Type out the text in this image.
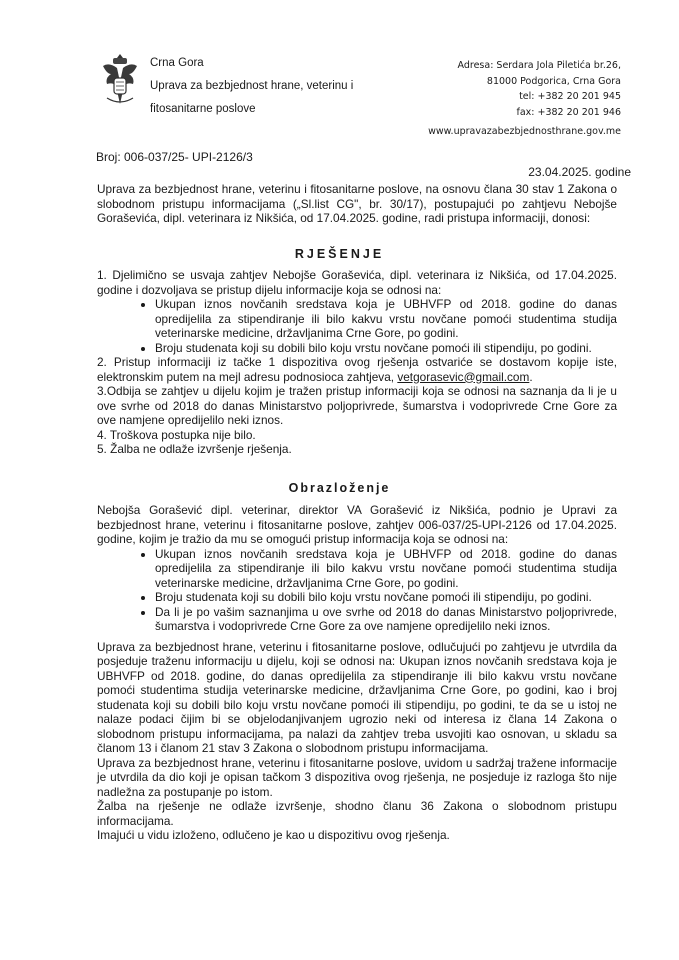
Crna Gora
Uprava za bezbjednost hrane, veterinu i
fitosanitarne poslove
Adresa: Serdara Jola Piletića br.26,
81000 Podgorica, Crna Gora
tel: +382 20 201 945
fax: +382 20 201 946
www.upravazabezbjednosthrane.gov.me
Broj: 006-037/25- UPI-2126/3
23.04.2025. godine
Uprava za bezbjednost hrane, veterinu i fitosanitarne poslove, na osnovu člana 30 stav 1 Zakona o slobodnom pristupu informacijama („Sl.list CG", br. 30/17), postupajući po zahtjevu Nebojše Goraševića, dipl. veterinara iz Nikšića, od 17.04.2025. godine, radi pristupa informaciji, donosi:
RJEŠENJE

1. Djelimično se usvaja zahtjev Nebojše Goraševića, dipl. veterinara iz Nikšića, od 17.04.2025. godine i dozvoljava se pristup dijelu informacije koja se odnosi na:

• Ukupan iznos novčanih sredstava koja je UBHVFP od 2018. godine do danas opredijelila za stipendiranje ili bilo kakvu vrstu novčane pomoći studentima studija veterinarske medicine, državljanima Crne Gore, po godini.
• Broju studenata koji su dobili bilo koju vrstu novčane pomoći ili stipendiju, po godini.

2. Pristup informaciji iz tačke 1 dispozitiva ovog rješenja ostvariće se dostavom kopije iste, elektronskim putem na mejl adresu podnosioca zahtjeva, vetgorasevic@gmail.com.

3.Odbija se zahtjev u dijelu kojim je tražen pristup informaciji koja se odnosi na saznanja da li je u ove svrhe od 2018 do danas Ministarstvo poljoprivrede, šumarstva i vodoprivrede Crne Gore za ove namjene opredijelilo neki iznos.

4. Troškova postupka nije bilo.

5. Žalba ne odlaže izvršenje rješenja.

Obrazloženje

Nebojša Gorašević dipl. veterinar, direktor VA Gorašević iz Nikšića, podnio je Upravi za bezbjednost hrane, veterinu i fitosanitarne poslove, zahtjev 006-037/25-UPI-2126 od 17.04.2025. godine, kojim je tražio da mu se omogući pristup informacija koja se odnosi na:

• Ukupan iznos novčanih sredstava koja je UBHVFP od 2018. godine do danas opredijelila za stipendiranje ili bilo kakvu vrstu novčane pomoći studentima studija veterinarske medicine, državljanima Crne Gore, po godini.
• Broju studenata koji su dobili bilo koju vrstu novčane pomoći ili stipendiju, po godini.
• Da li je po vašim saznanjima u ove svrhe od 2018 do danas Ministarstvo poljoprivrede, šumarstva i vodoprivrede Crne Gore za ove namjene opredijelilo neki iznos.

Uprava za bezbjednost hrane, veterinu i fitosanitarne poslove, odlučujući po zahtjevu je utvrdila da posjeduje traženu informaciju u dijelu, koji se odnosi na: Ukupan iznos novčanih sredstava koja je UBHVFP od 2018. godine, do danas opredijelila za stipendiranje ili bilo kakvu vrstu novčane pomoći studentima studija veterinarske medicine, državljanima Crne Gore, po godini, kao i broj studenata koji su dobili bilo koju vrstu novčane pomoći ili stipendiju, po godini, te da se u istoj ne nalaze podaci čijim bi se objelodanjivanjem ugrozio neki od interesa iz člana 14 Zakona o slobodnom pristupu informacijama, pa nalazi da zahtjev treba usvojiti kao osnovan, u skladu sa članom 13 i članom 21 stav 3 Zakona o slobodnom pristupu informacijama.

Uprava za bezbjednost hrane, veterinu i fitosanitarne poslove, uvidom u sadržaj tražene informacije je utvrdila da dio koji je opisan tačkom 3 dispozitiva ovog rješenja, ne posjeduje iz razloga što nije nadležna za postupanje po istom.

Žalba na rješenje ne odlaže izvršenje, shodno članu 36 Zakona o slobodnom pristupu informacijama.

Imajući u vidu izloženo, odlučeno je kao u dispozitivu ovog rješenja.
